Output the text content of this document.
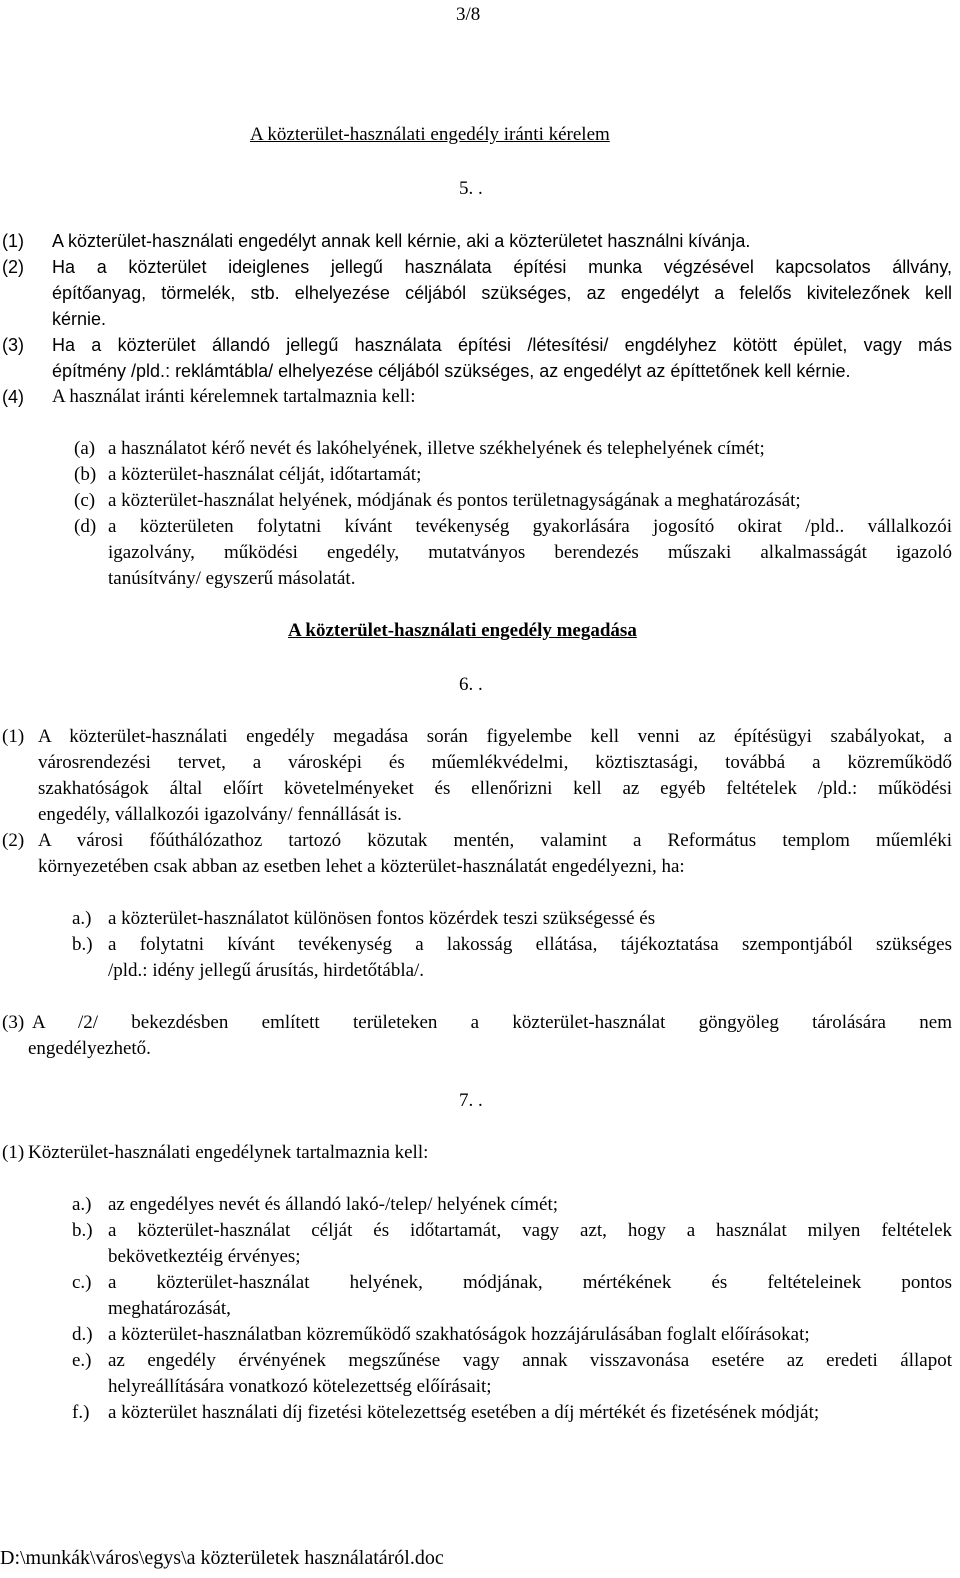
3/8
A közterület-használati engedély iránti kérelem
5. .
(1) A közterület-használati engedélyt annak kell kérnie, aki a közterületet használni kívánja.
(2) Ha a közterület ideiglenes jellegű használata építési munka végzésével kapcsolatos állvány,
építőanyag, törmelék, stb. elhelyezése céljából szükséges, az engedélyt a felelős kivitelezőnek kell
kérnie.
(3) Ha a közterület állandó jellegű használata építési /létesítési/ engdélyhez kötött épület, vagy más
építmény /pld.: reklámtábla/ elhelyezése céljából szükséges, az engedélyt az építtetőnek kell kérnie.
(4) A használat iránti kérelemnek tartalmaznia kell:
(a) a használatot kérő nevét és lakóhelyének, illetve székhelyének és telephelyének címét;
(b) a közterület-használat célját, időtartamát;
(c) a közterület-használat helyének, módjának és pontos területnagyságának a meghatározását;
(d) a közterületen folytatni kívánt tevékenység gyakorlására jogosító okirat /pld.. vállalkozói
igazolvány, működési engedély, mutatványos berendezés műszaki alkalmasságát igazoló
tanúsítvány/ egyszerű másolatát.
A közterület-használati engedély megadása
6. .
(1) A közterület-használati engedély megadása során figyelembe kell venni az építésügyi szabályokat, a
városrendezési tervet, a városképi és műemlékvédelmi, köztisztasági, továbbá a közreműködő
szakhatóságok által előírt követelményeket és ellenőrizni kell az egyéb feltételek /pld.: működési
engedély, vállalkozói igazolvány/ fennállását is.
(2) A városi főúthálózathoz tartozó közutak mentén, valamint a Református templom műemléki
környezetében csak abban az esetben lehet a közterület-használatát engedélyezni, ha:
a.) a közterület-használatot különösen fontos közérdek teszi szükségessé és
b.) a folytatni kívánt tevékenység a lakosság ellátása, tájékoztatása szempontjából szükséges
/pld.: idény jellegű árusítás, hirdetőtábla/.
(3) A /2/ bekezdésben említett területeken a közterület-használat göngyöleg tárolására nem
engedélyezhető.
7. .
(1) Közterület-használati engedélynek tartalmaznia kell:
a.) az engedélyes nevét és állandó lakó-/telep/ helyének címét;
b.) a közterület-használat célját és időtartamát, vagy azt, hogy a használat milyen feltételek
bekövetkeztéig érvényes;
c.) a közterület-használat helyének, módjának, mértékének és feltételeinek pontos
meghatározását,
d.) a közterület-használatban közreműködő szakhatóságok hozzájárulásában foglalt előírásokat;
e.) az engedély érvényének megszűnése vagy annak visszavonása esetére az eredeti állapot
helyreállítására vonatkozó kötelezettség előírásait;
f.) a közterület használati díj fizetési kötelezettség esetében a díj mértékét és fizetésének módját;
D:\munkák\város\egys\a közterületek használatáról.doc
